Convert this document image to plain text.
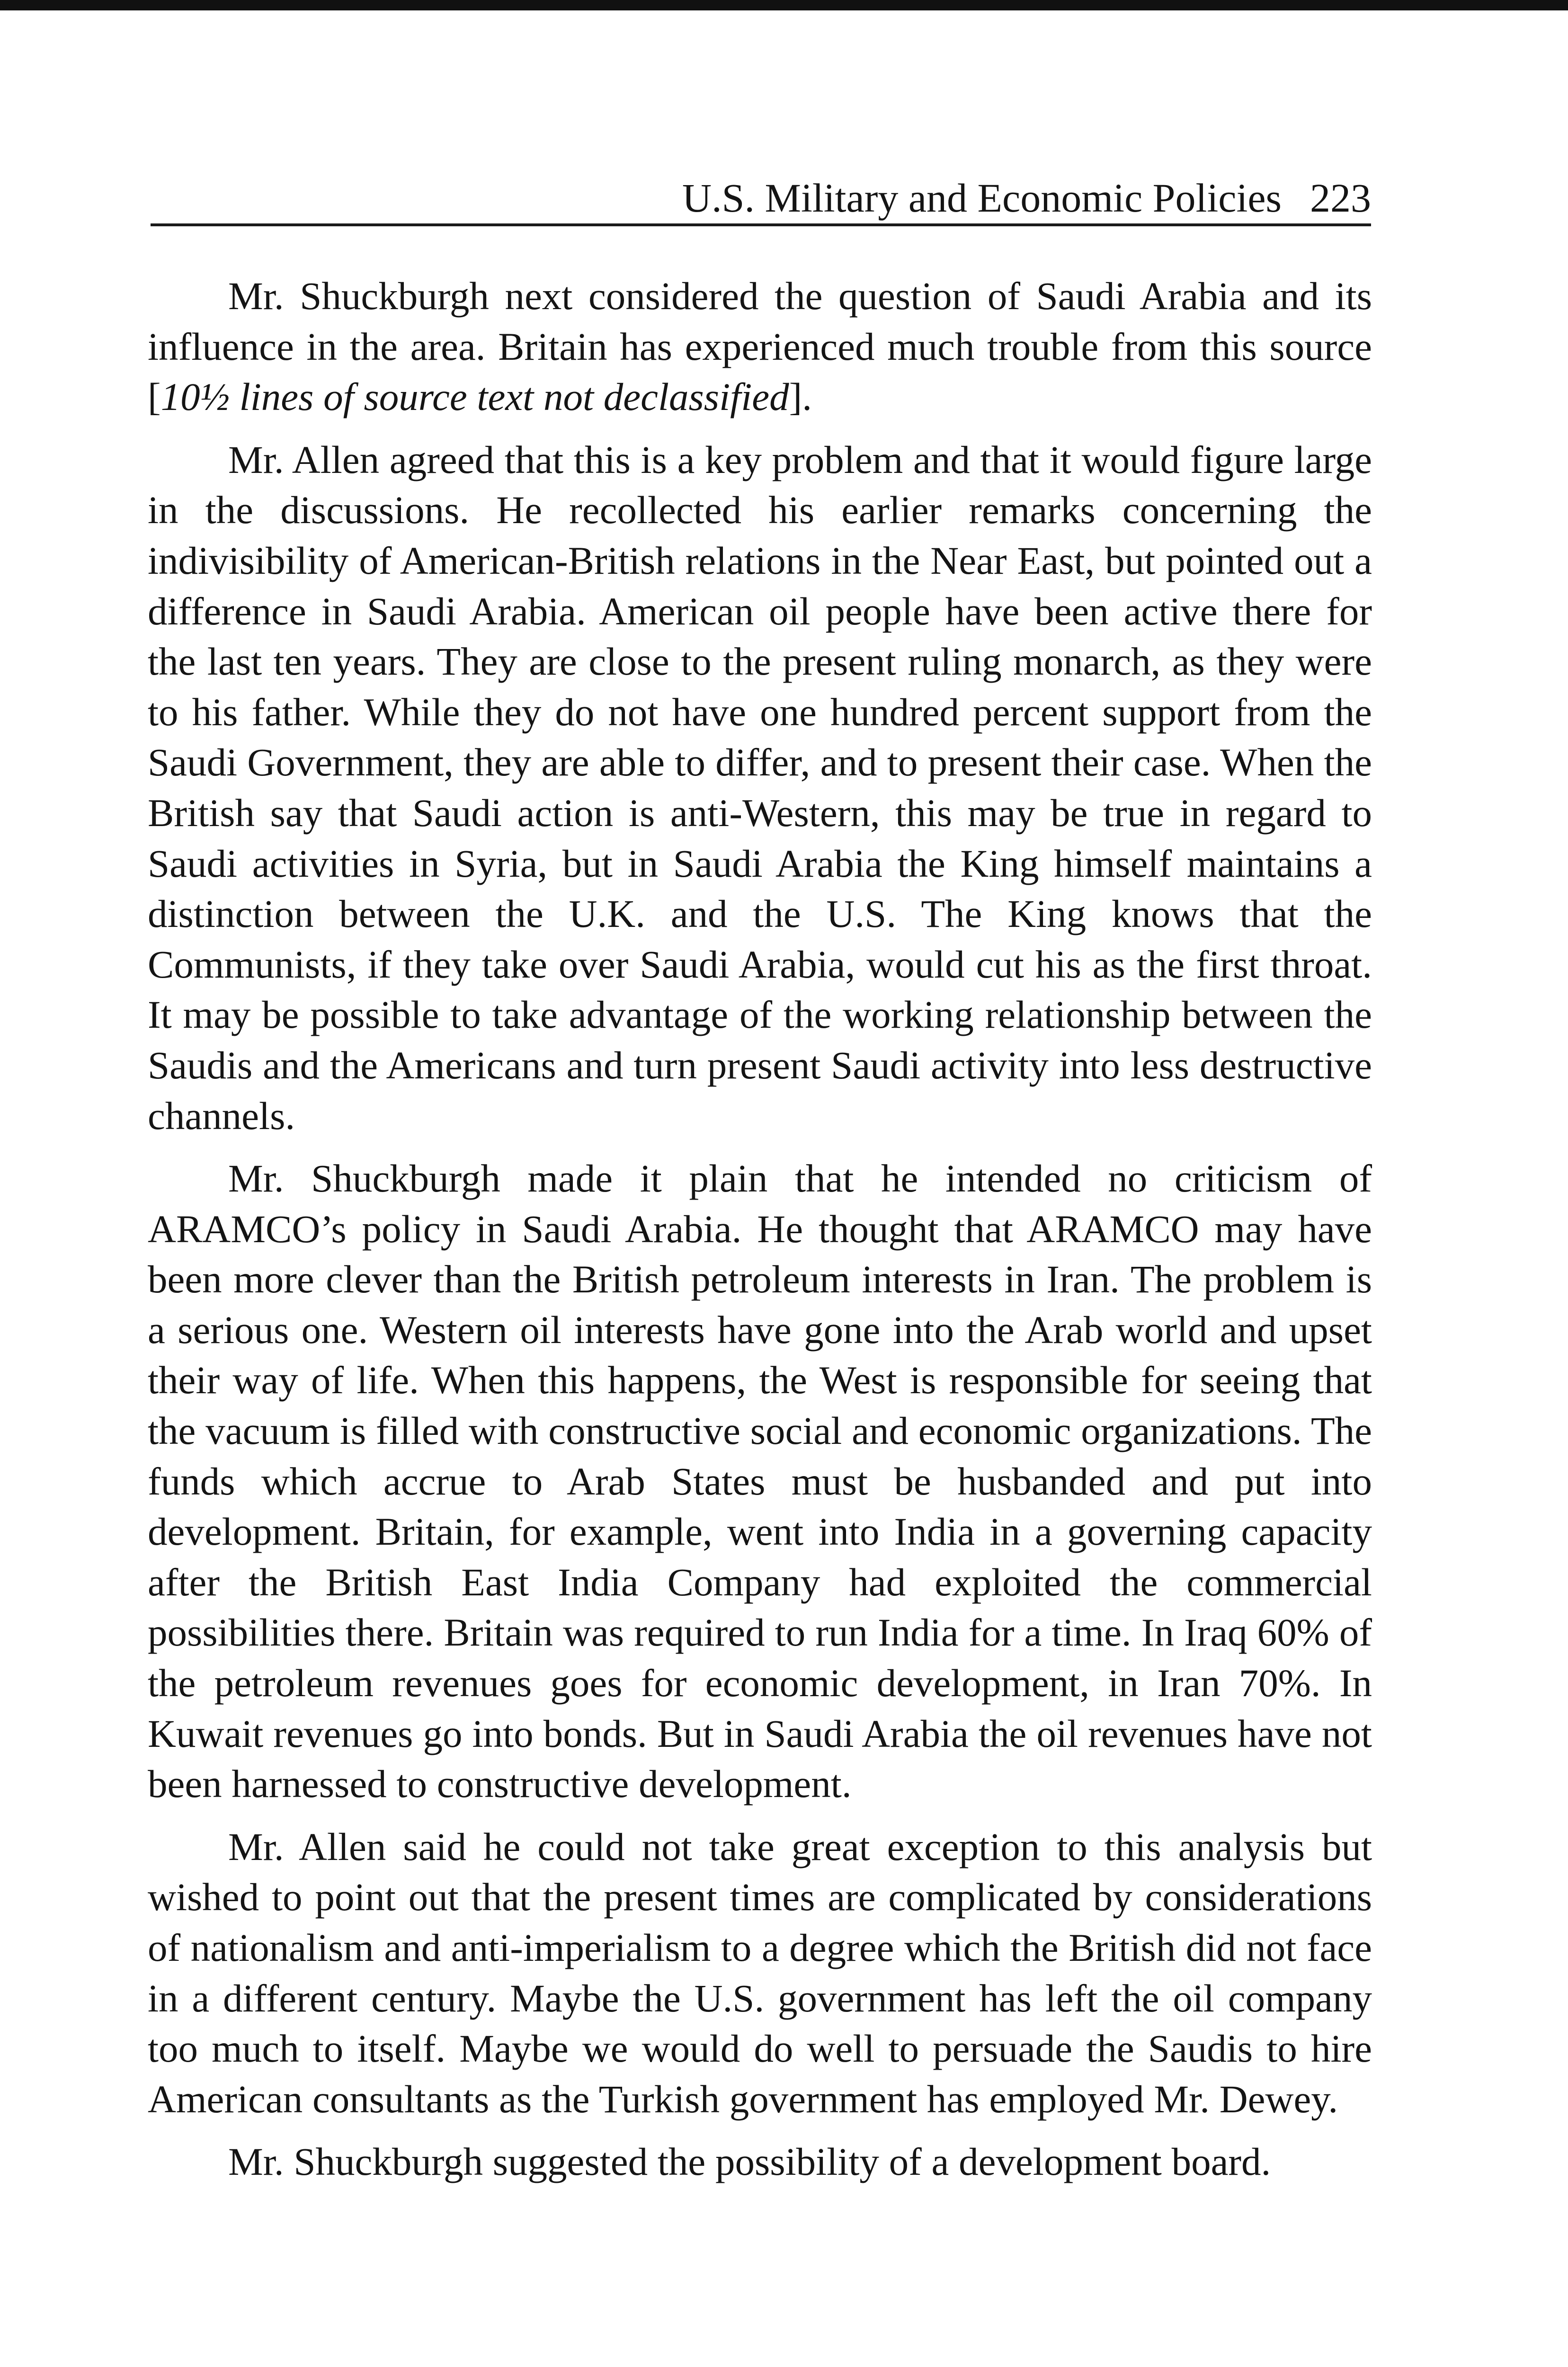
U.S. Military and Economic Policies 223

Mr. Shuckburgh next considered the question of Saudi Arabia and its influence in the area. Britain has experienced much trouble from this source [10½ lines of source text not declassified].

Mr. Allen agreed that this is a key problem and that it would figure large in the discussions. He recollected his earlier remarks concerning the indivisibility of American-British relations in the Near East, but pointed out a difference in Saudi Arabia. American oil people have been active there for the last ten years. They are close to the present ruling monarch, as they were to his father. While they do not have one hundred percent support from the Saudi Government, they are able to differ, and to present their case. When the British say that Saudi action is anti-Western, this may be true in regard to Saudi activities in Syria, but in Saudi Arabia the King himself maintains a distinction between the U.K. and the U.S. The King knows that the Communists, if they take over Saudi Arabia, would cut his as the first throat. It may be possible to take advantage of the working relationship between the Saudis and the Americans and turn present Saudi activity into less destructive channels.

Mr. Shuckburgh made it plain that he intended no criticism of ARAMCO’s policy in Saudi Arabia. He thought that ARAMCO may have been more clever than the British petroleum interests in Iran. The problem is a serious one. Western oil interests have gone into the Arab world and upset their way of life. When this happens, the West is responsible for seeing that the vacuum is filled with constructive social and economic organizations. The funds which accrue to Arab States must be husbanded and put into development. Britain, for example, went into India in a governing capacity after the British East India Company had exploited the commercial possibilities there. Britain was required to run India for a time. In Iraq 60% of the petroleum revenues goes for economic development, in Iran 70%. In Kuwait revenues go into bonds. But in Saudi Arabia the oil revenues have not been harnessed to constructive development.

Mr. Allen said he could not take great exception to this analysis but wished to point out that the present times are complicated by considerations of nationalism and anti-imperialism to a degree which the British did not face in a different century. Maybe the U.S. government has left the oil company too much to itself. Maybe we would do well to persuade the Saudis to hire American consultants as the Turkish government has employed Mr. Dewey.

Mr. Shuckburgh suggested the possibility of a development board.
